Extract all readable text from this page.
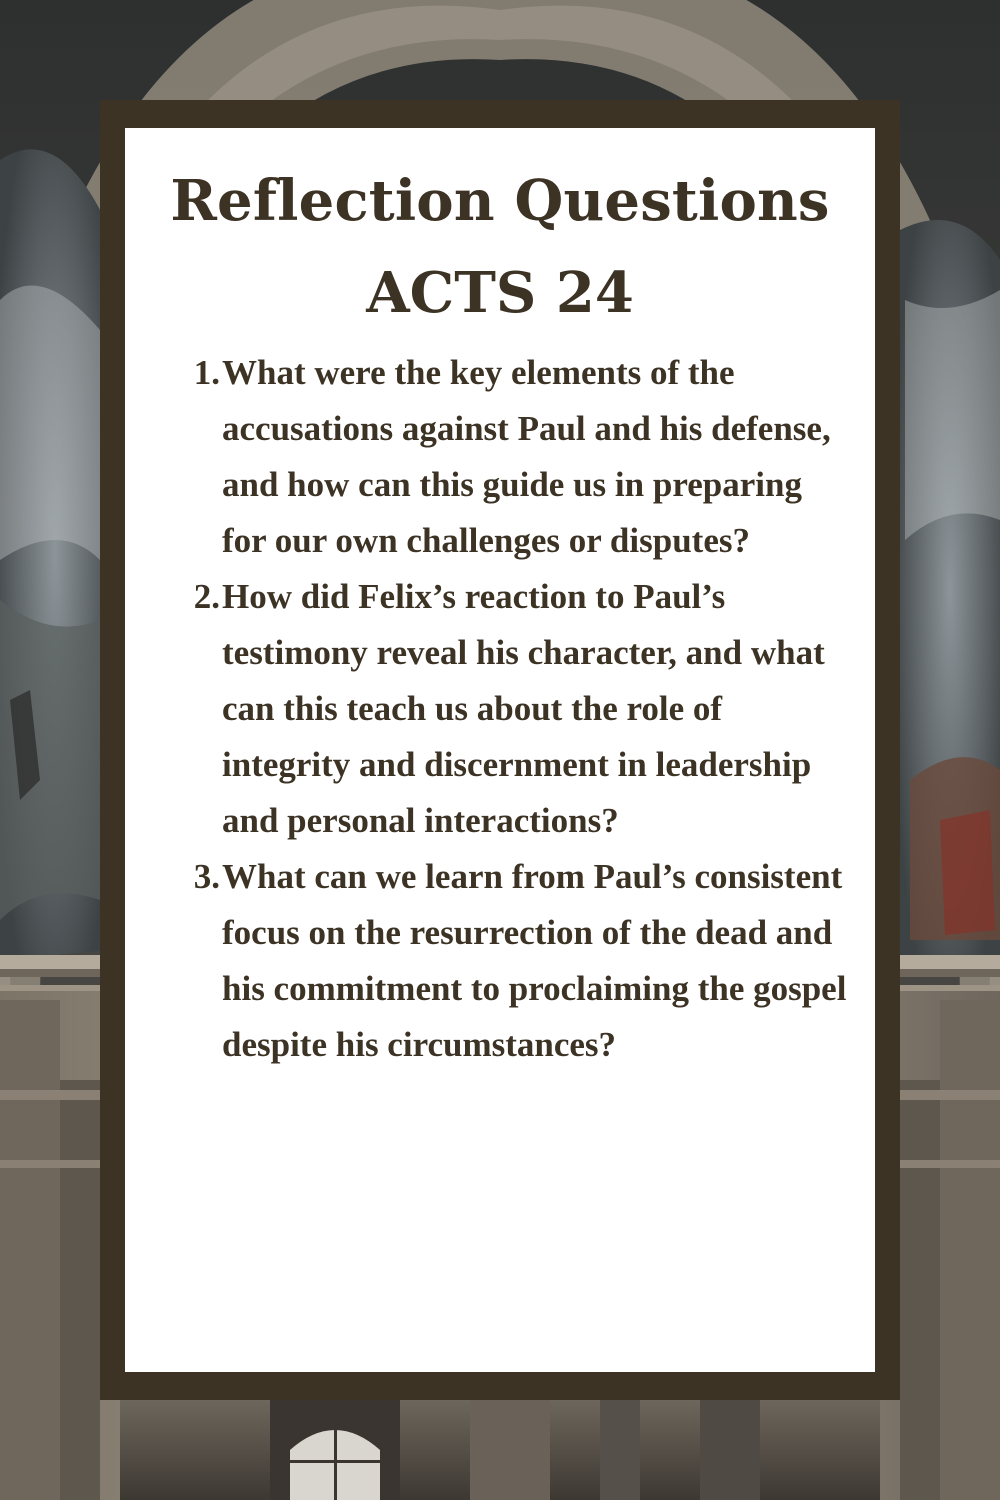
Reflection Questions
ACTS 24
1. What were the key elements of the accusations against Paul and his defense, and how can this guide us in preparing for our own challenges or disputes?
2. How did Felix’s reaction to Paul’s testimony reveal his character, and what can this teach us about the role of integrity and discernment in leadership and personal interactions?
3. What can we learn from Paul’s consistent focus on the resurrection of the dead and his commitment to proclaiming the gospel despite his circumstances?
